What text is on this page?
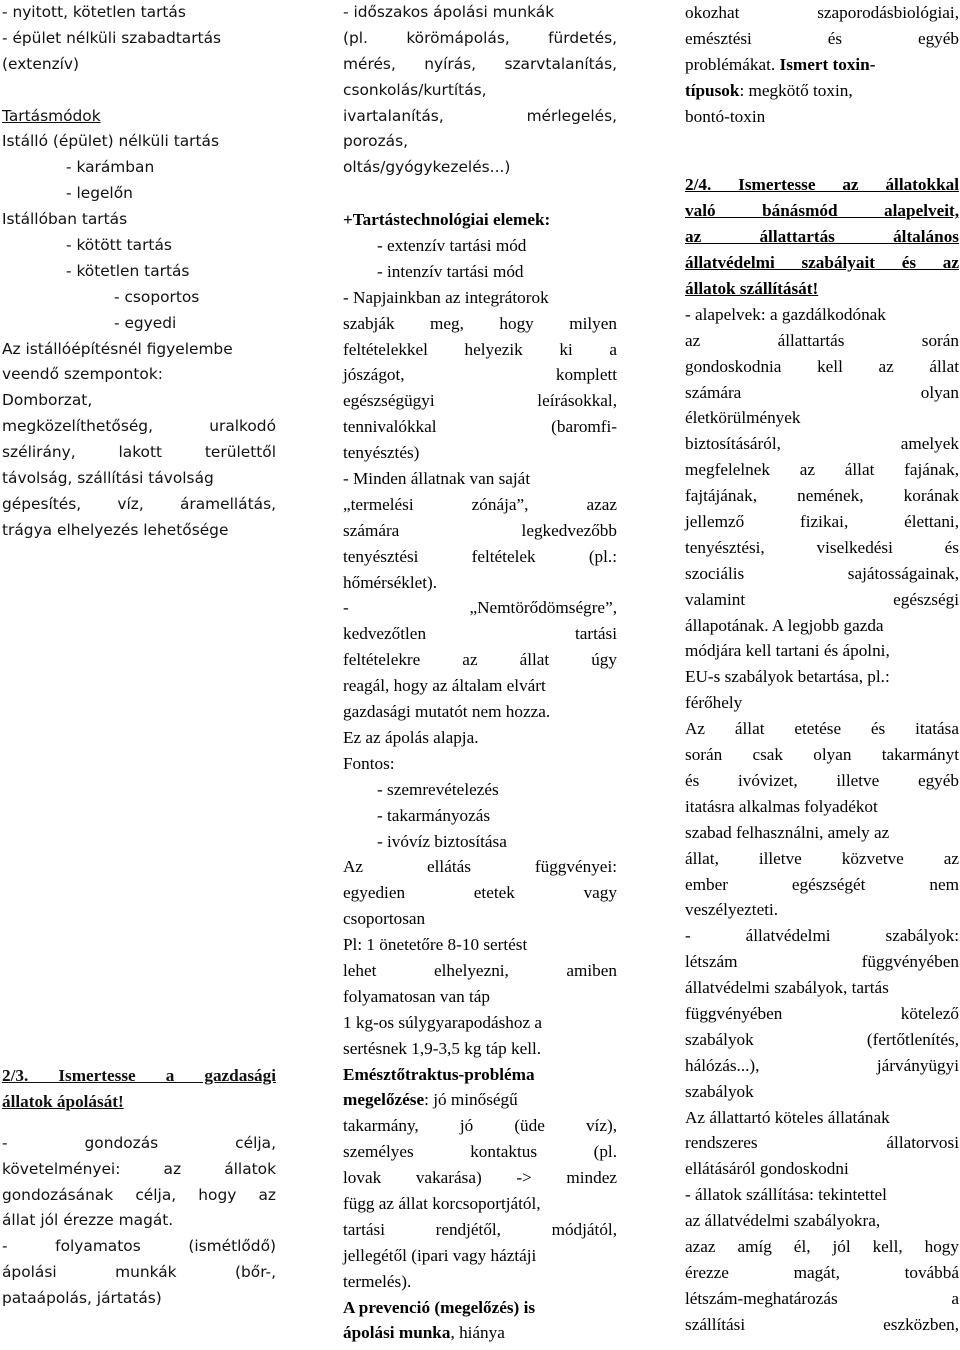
- nyitott, kötetlen tartás
- épület nélküli szabadtartás
(extenzív)
Tartásmódok
Istálló (épület) nélküli tartás
- karámban
- legelőn
Istállóban tartás
- kötött tartás
- kötetlen tartás
- csoportos
- egyedi
Az istállóépítésnél figyelembe
veendő szempontok:
Domborzat,
megközelíthetőség, uralkodó
szélirány, lakott területtől
távolság, szállítási távolság
gépesítés, víz, áramellátás,
trágya elhelyezés lehetősége
2/3. Ismertesse a gazdasági
állatok ápolását!
- gondozás célja,
követelményei: az állatok
gondozásának célja, hogy az
állat jól érezze magát.
- folyamatos (ismétlődő)
ápolási munkák (bőr-,
pataápolás, jártatás)
- időszakos ápolási munkák
(pl. körömápolás, fürdetés,
mérés, nyírás, szarvtalanítás,
csonkolás/kurtítás,
ivartalanítás, mérlegelés,
porozás,
oltás/gyógykezelés...)
+Tartástechnológiai elemek:
- extenzív tartási mód
- intenzív tartási mód
- Napjainkban az integrátorok
szabják meg, hogy milyen
feltételekkel helyezik ki a
jószágot, komplett
egészségügyi leírásokkal,
tennivalókkal (baromfi-
tenyésztés)
- Minden állatnak van saját
„termelési zónája”, azaz
számára legkedvezőbb
tenyésztési feltételek (pl.:
hőmérséklet).
- „Nemtörődömségre”,
kedvezőtlen tartási
feltételekre az állat úgy
reagál, hogy az általam elvárt
gazdasági mutatót nem hozza.
Ez az ápolás alapja.
Fontos:
- szemrevételezés
- takarmányozás
- ivóvíz biztosítása
Az ellátás függvényei:
egyedien etetek vagy
csoportosan
Pl: 1 önetetőre 8-10 sertést
lehet elhelyezni, amiben
folyamatosan van táp
1 kg-os súlygyarapodáshoz a
sertésnek 1,9-3,5 kg táp kell.
Emésztőtraktus-probléma
megelőzése: jó minőségű
takarmány, jó (üde víz),
személyes kontaktus (pl.
lovak vakarása) -> mindez
függ az állat korcsoportjától,
tartási rendjétől, módjától,
jellegétől (ipari vagy háztáji
termelés).
A prevenció (megelőzés) is
ápolási munka, hiánya
okozhat szaporodásbiológiai,
emésztési és egyéb
problémákat. Ismert toxin-
típusok: megkötő toxin,
bontó-toxin
2/4. Ismertesse az állatokkal
való bánásmód alapelveit,
az állattartás általános
állatvédelmi szabályait és az
állatok szállítását!
- alapelvek: a gazdálkodónak
az állattartás során
gondoskodnia kell az állat
számára olyan
életkörülmények
biztosításáról, amelyek
megfelelnek az állat fajának,
fajtájának, nemének, korának
jellemző fizikai, élettani,
tenyésztési, viselkedési és
szociális sajátosságainak,
valamint egészségi
állapotának. A legjobb gazda
módjára kell tartani és ápolni,
EU-s szabályok betartása, pl.:
férőhely
Az állat etetése és itatása
során csak olyan takarmányt
és ivóvizet, illetve egyéb
itatásra alkalmas folyadékot
szabad felhasználni, amely az
állat, illetve közvetve az
ember egészségét nem
veszélyezteti.
- állatvédelmi szabályok:
létszám függvényében
állatvédelmi szabályok, tartás
függvényében kötelező
szabályok (fertőtlenítés,
hálózás...), járványügyi
szabályok
Az állattartó köteles állatának
rendszeres állatorvosi
ellátásáról gondoskodni
- állatok szállítása: tekintettel
az állatvédelmi szabályokra,
azaz amíg él, jól kell, hogy
érezze magát, továbbá
létszám-meghatározás a
szállítási eszközben,
